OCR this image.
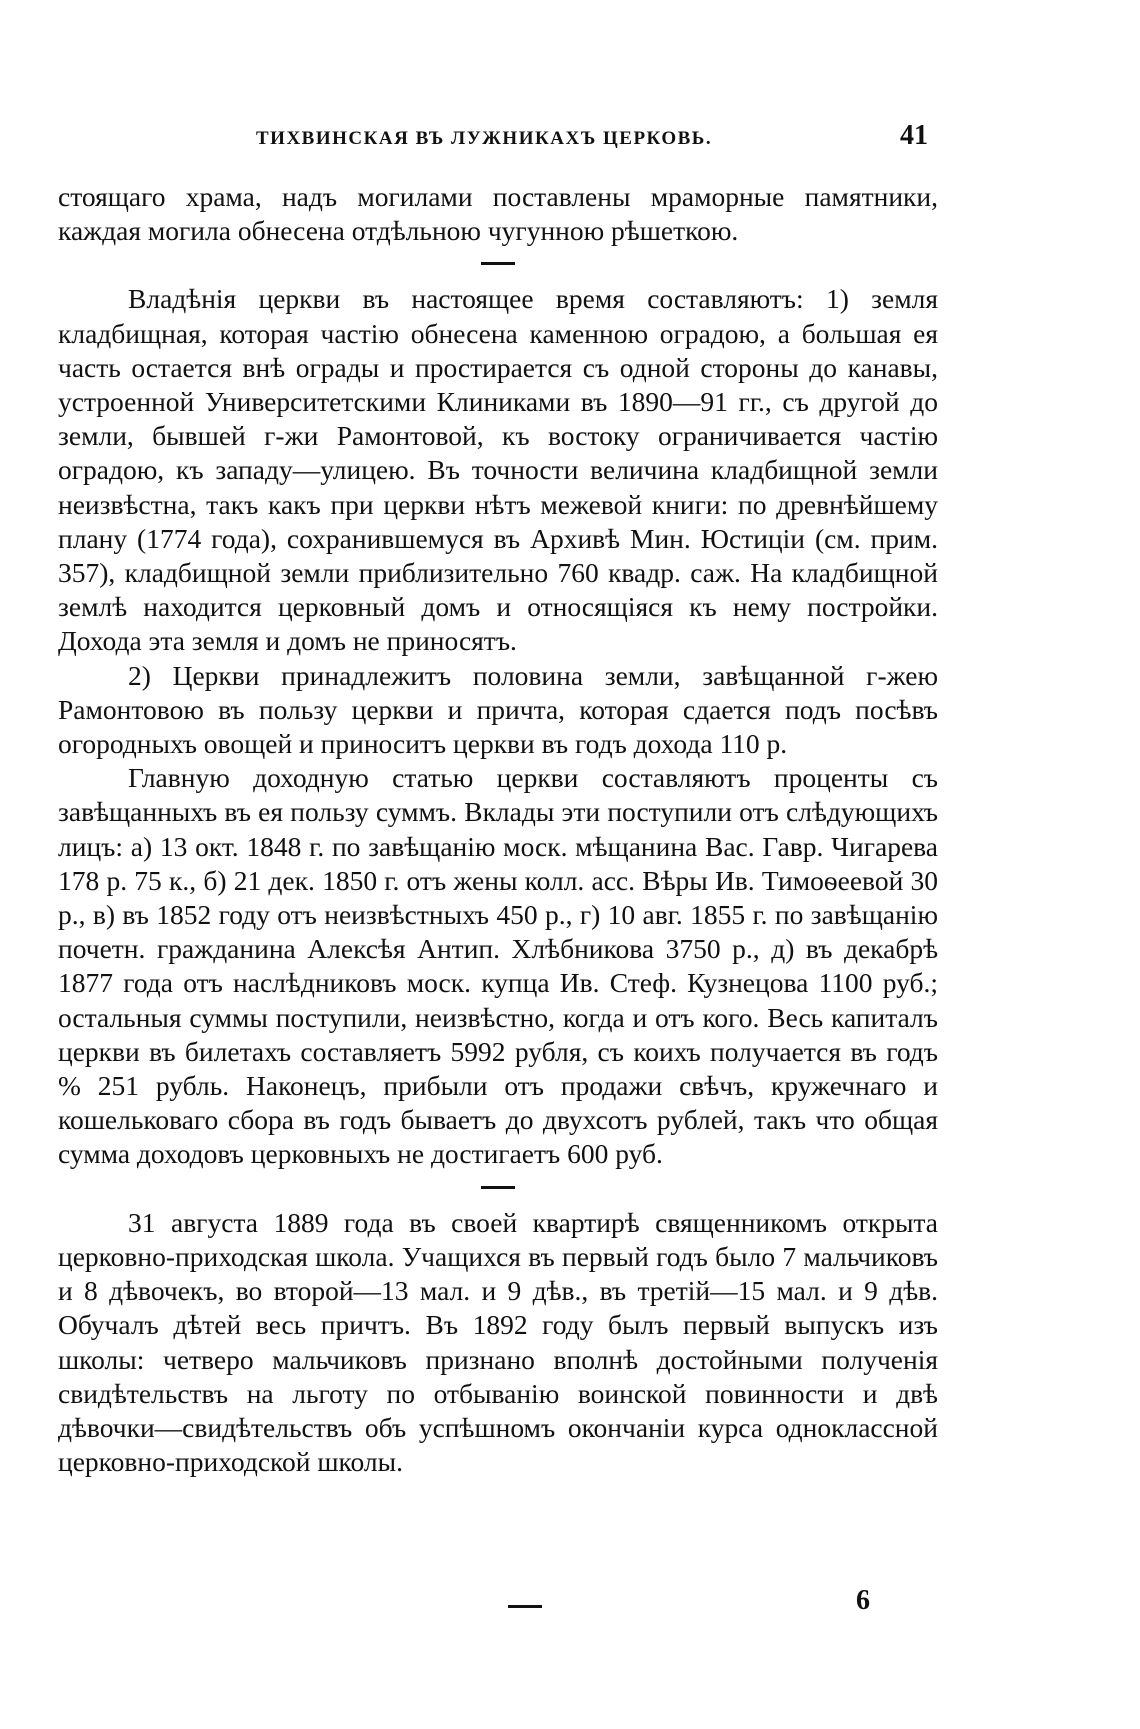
ТИХВИНСКАЯ ВЪ ЛУЖНИКАХЪ ЦЕРКОВЬ.	41

стоящаго храма, надъ могилами поставлены мраморные памятники, каждая могила обнесена отдѣльною чугунною рѣшеткою.

Владѣнія церкви въ настоящее время составляютъ: 1) земля кладбищная, которая частію обнесена каменною оградою, а большая ея часть остается внѣ ограды и простирается съ одной стороны до канавы, устроенной Университетскими Клиниками въ 1890—91 гг., съ другой до земли, бывшей г-жи Рамонтовой, къ востоку ограничивается частію оградою, къ западу—улицею. Въ точности величина кладбищной земли неизвѣстна, такъ какъ при церкви нѣтъ межевой книги: по древнѣйшему плану (1774 года), сохранившемуся въ Архивѣ Мин. Юстиціи (см. прим. 357), кладбищной земли приблизительно 760 квадр. саж. На кладбищной землѣ находится церковный домъ и относящіяся къ нему постройки. Дохода эта земля и домъ не приносятъ.

2) Церкви принадлежитъ половина земли, завѣщанной г-жею Рамонтовою въ пользу церкви и причта, которая сдается подъ посѣвъ огородныхъ овощей и приноситъ церкви въ годъ дохода 110 р.

Главную доходную статью церкви составляютъ проценты съ завѣщанныхъ въ ея пользу суммъ. Вклады эти поступили отъ слѣдующихъ лицъ: а) 13 окт. 1848 г. по завѣщанію моск. мѣщанина Вас. Гавр. Чигарева 178 р. 75 к., б) 21 дек. 1850 г. отъ жены колл. асс. Вѣры Ив. Тимоѳеевой 30 р., в) въ 1852 году отъ неизвѣстныхъ 450 р., г) 10 авг. 1855 г. по завѣщанію почетн. гражданина Алексѣя Антип. Хлѣбникова 3750 р., д) въ декабрѣ 1877 года отъ наслѣдниковъ моск. купца Ив. Стеф. Кузнецова 1100 руб.; остальныя суммы поступили, неизвѣстно, когда и отъ кого. Весь капиталъ церкви въ билетахъ составляетъ 5992 рубля, съ коихъ получается въ годъ % 251 рубль. Наконецъ, прибыли отъ продажи свѣчъ, кружечнаго и кошельковаго сбора въ годъ бываетъ до двухсотъ рублей, такъ что общая сумма доходовъ церковныхъ не достигаетъ 600 руб.

31 августа 1889 года въ своей квартирѣ священникомъ открыта церковно-приходская школа. Учащихся въ первый годъ было 7 мальчиковъ и 8 дѣвочекъ, во второй—13 мал. и 9 дѣв., въ третій—15 мал. и 9 дѣв. Обучалъ дѣтей весь причтъ. Въ 1892 году былъ первый выпускъ изъ школы: четверо мальчиковъ признано вполнѣ достойными полученія свидѣтельствъ на льготу по отбыванію воинской повинности и двѣ дѣвочки—свидѣтельствъ объ успѣшномъ окончаніи курса одноклассной церковно-приходской школы.

6
